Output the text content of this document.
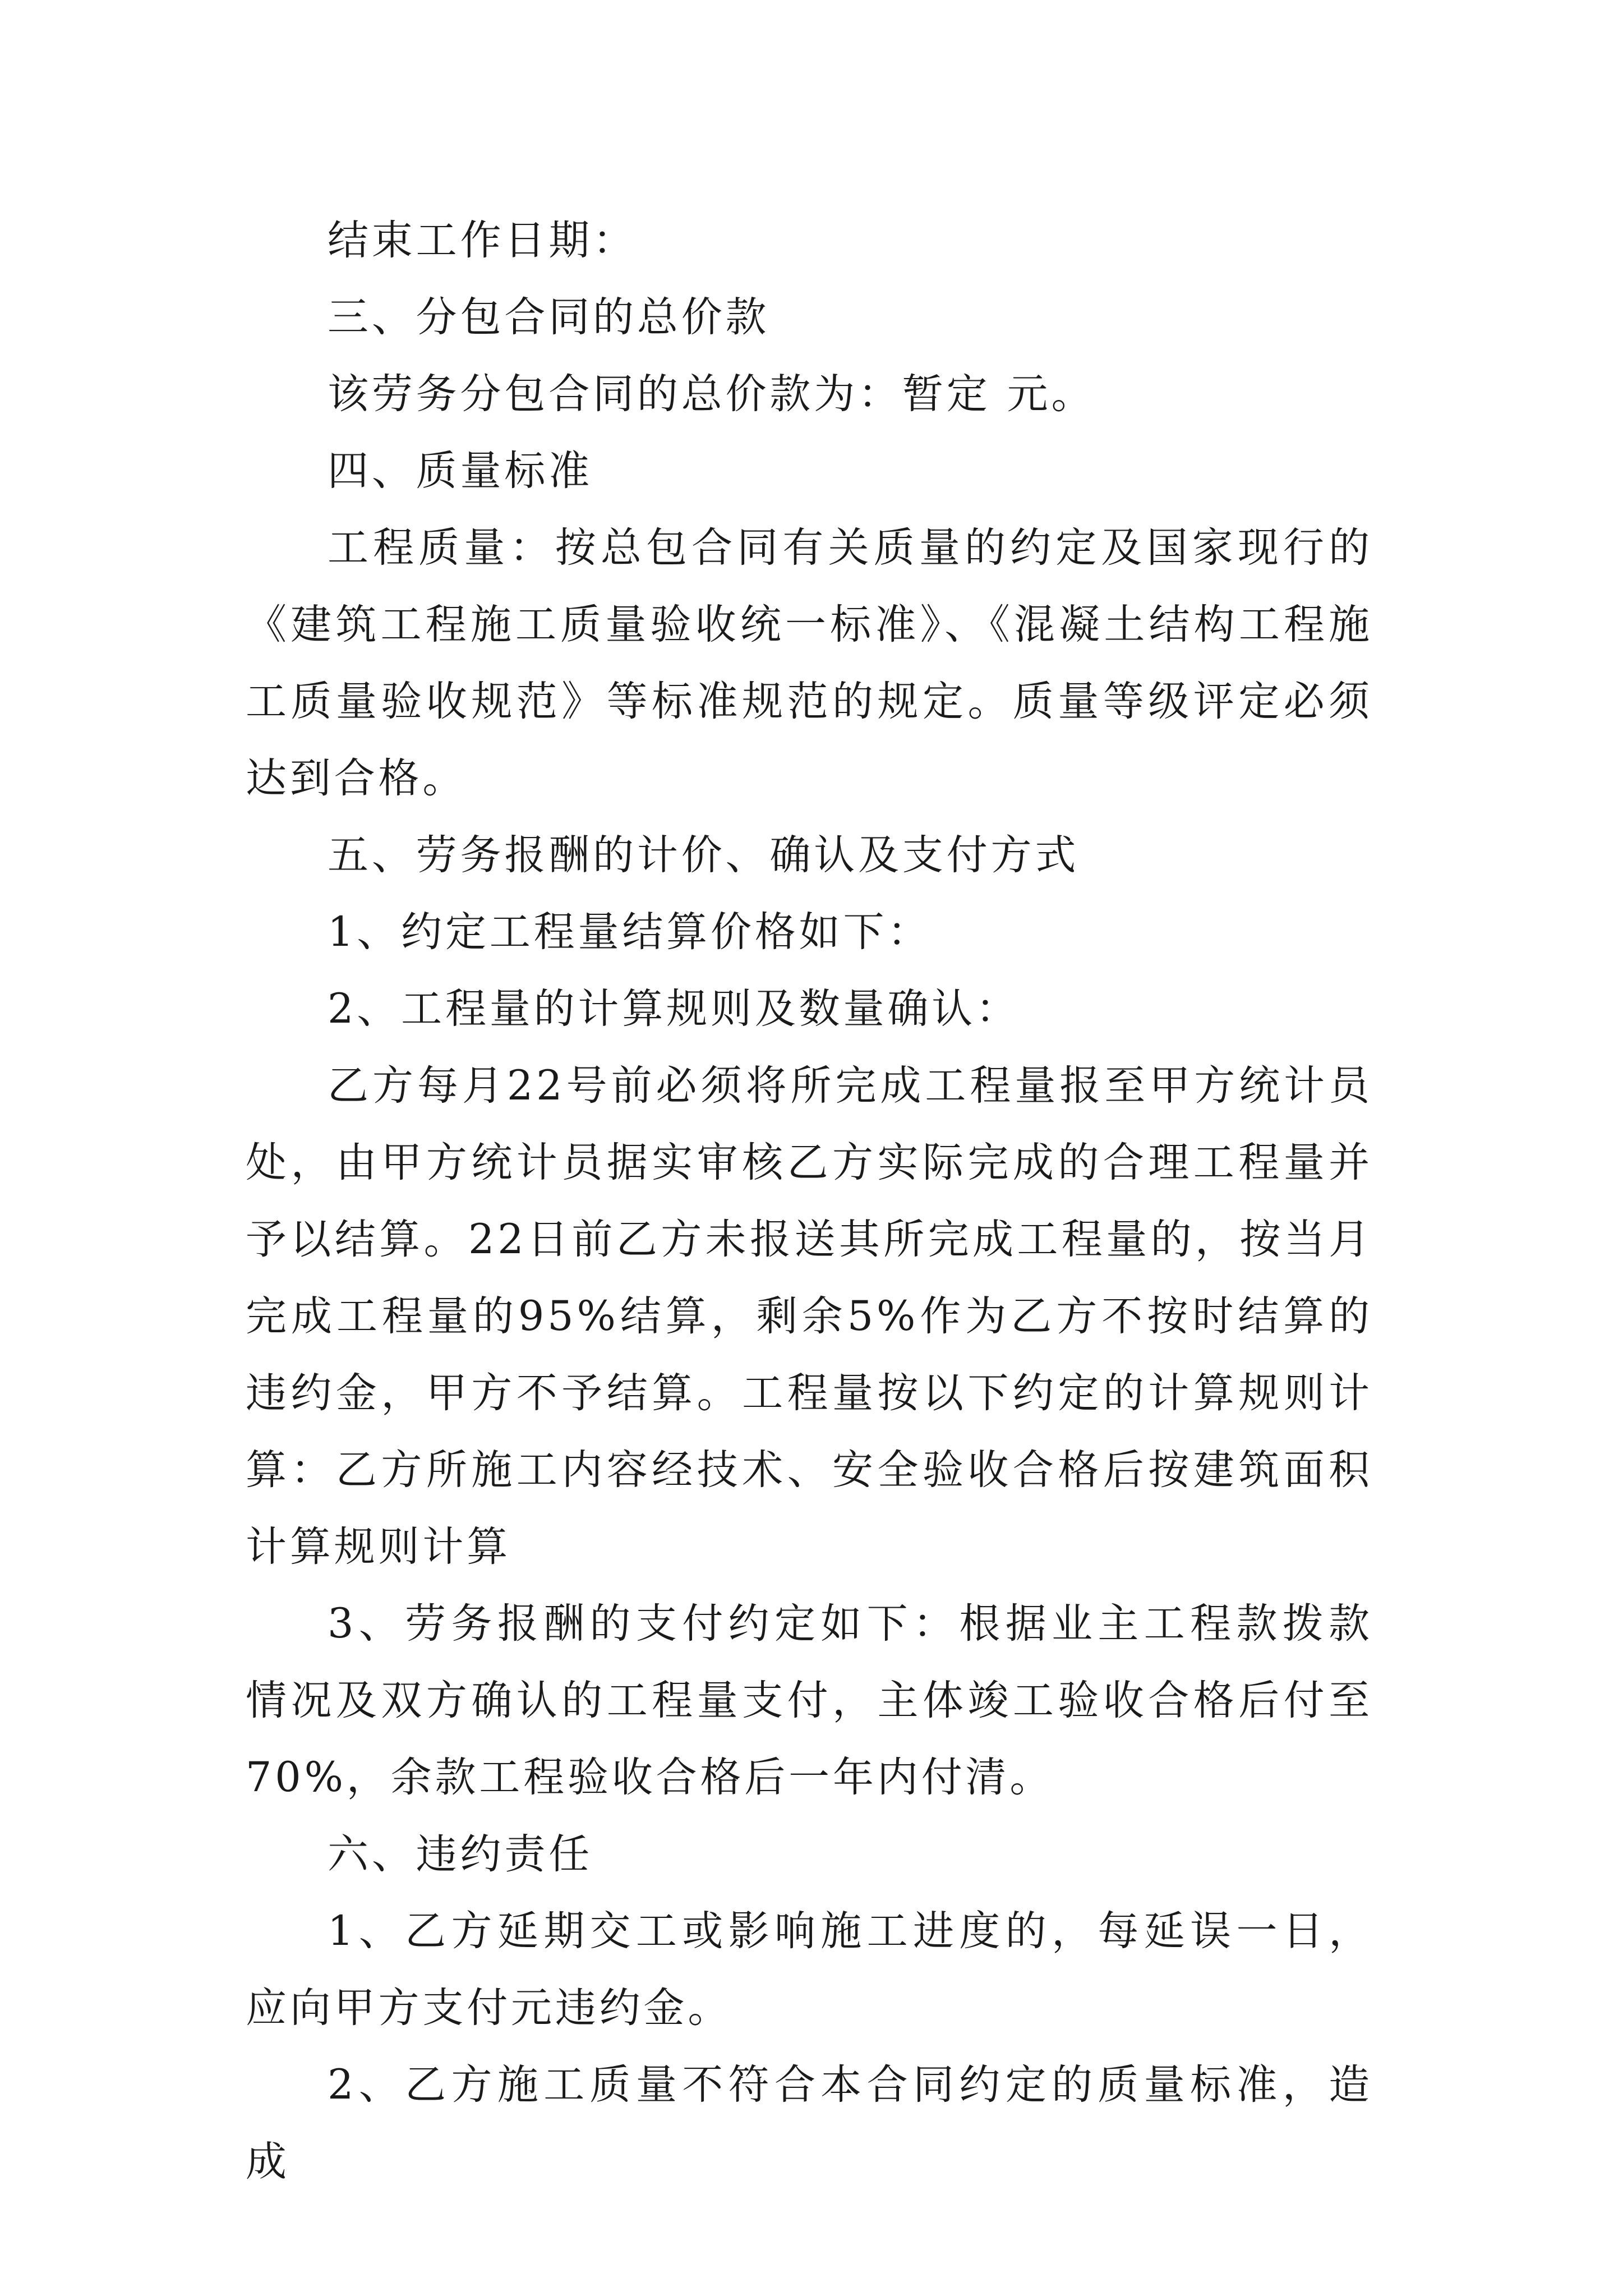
结束工作日期：

三、分包合同的总价款

该劳务分包合同的总价款为：暂定 元。

四、质量标准

工程质量：按总包合同有关质量的约定及国家现行的《建筑工程施工质量验收统一标准》、《混凝土结构工程施工质量验收规范》等标准规范的规定。质量等级评定必须达到合格。

五、劳务报酬的计价、确认及支付方式

1、约定工程量结算价格如下：

2、工程量的计算规则及数量确认：

乙方每月22号前必须将所完成工程量报至甲方统计员处，由甲方统计员据实审核乙方实际完成的合理工程量并予以结算。22日前乙方未报送其所完成工程量的，按当月完成工程量的95%结算，剩余5%作为乙方不按时结算的违约金，甲方不予结算。工程量按以下约定的计算规则计算：乙方所施工内容经技术、安全验收合格后按建筑面积计算规则计算

3、劳务报酬的支付约定如下：根据业主工程款拨款情况及双方确认的工程量支付，主体竣工验收合格后付至70%，余款工程验收合格后一年内付清。

六、违约责任

1、乙方延期交工或影响施工进度的，每延误一日，应向甲方支付元违约金。

2、乙方施工质量不符合本合同约定的质量标准，造成
